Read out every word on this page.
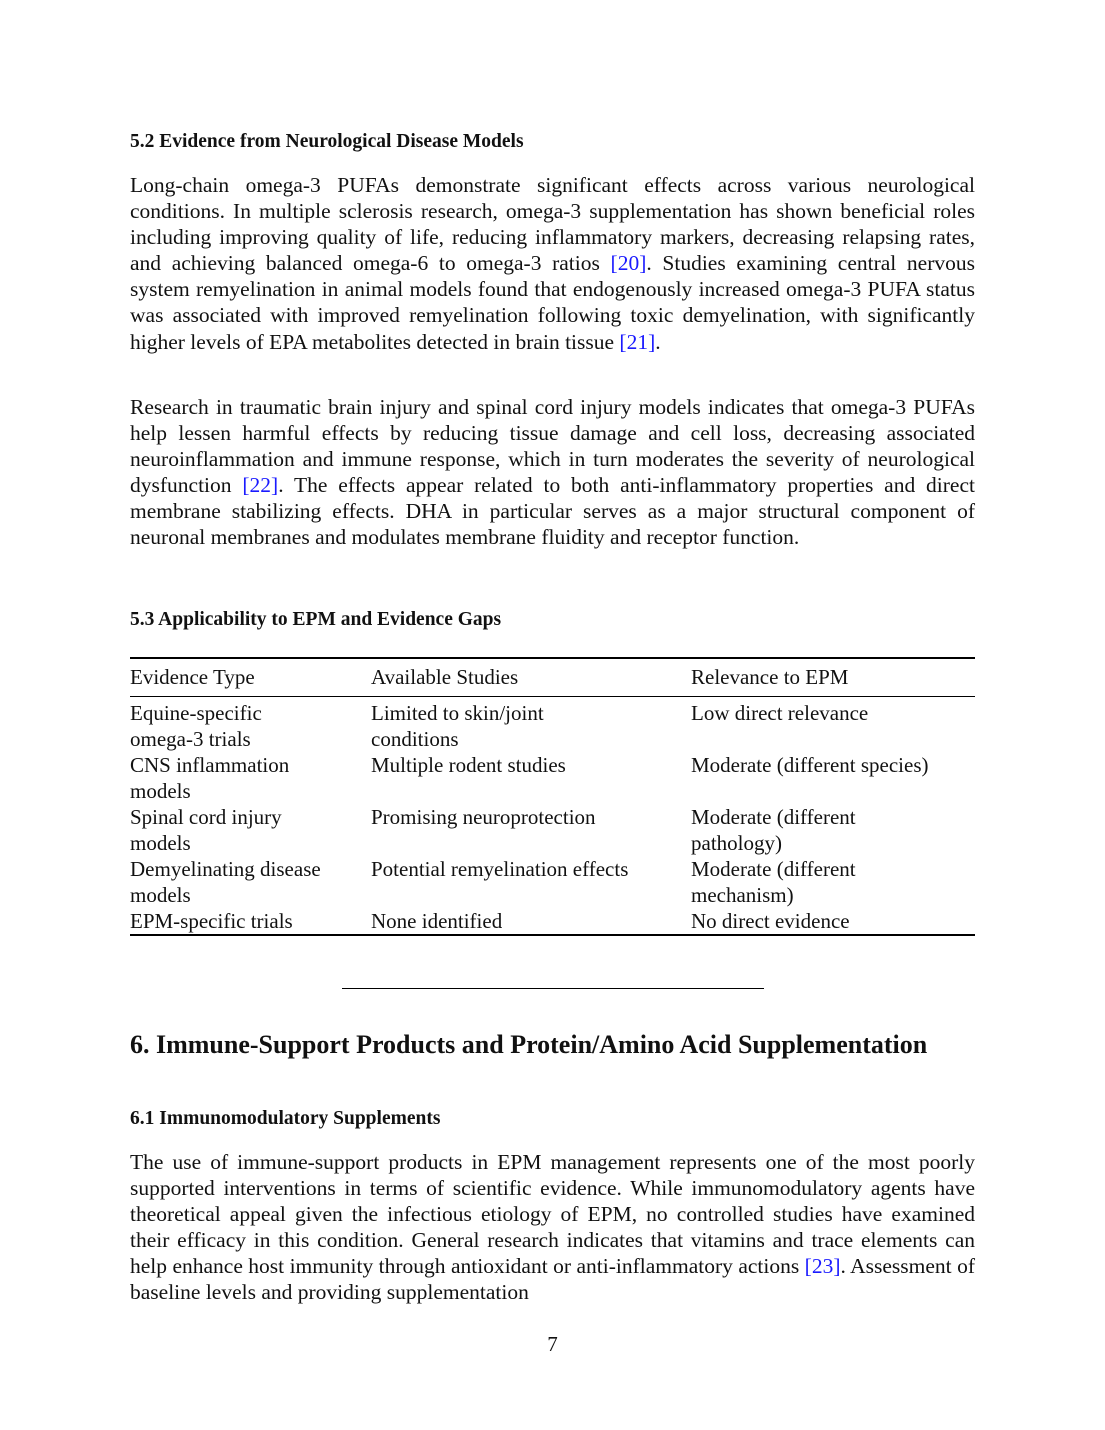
5.2 Evidence from Neurological Disease Models

Long-chain omega-3 PUFAs demonstrate significant effects across various neurological conditions. In multiple sclerosis research, omega-3 supplementation has shown beneficial roles including improving quality of life, reducing inflammatory markers, decreasing relapsing rates, and achieving balanced omega-6 to omega-3 ratios [20]. Studies examining central nervous system remyelination in animal models found that endogenously increased omega-3 PUFA status was associated with improved remyelination following toxic demyelination, with significantly higher levels of EPA metabolites detected in brain tissue [21].

Research in traumatic brain injury and spinal cord injury models indicates that omega-3 PUFAs help lessen harmful effects by reducing tissue damage and cell loss, decreasing associated neuroinflammation and immune response, which in turn moderates the severity of neurological dysfunction [22]. The effects appear related to both anti-inflammatory properties and direct membrane stabilizing effects. DHA in particular serves as a major structural component of neuronal membranes and modulates membrane fluidity and receptor function.

5.3 Applicability to EPM and Evidence Gaps
Evidence Type	Available Studies	Relevance to EPM
Equine-specific omega-3 trials	Limited to skin/joint conditions	Low direct relevance
CNS inflammation models	Multiple rodent studies	Moderate (different species)
Spinal cord injury models	Promising neuroprotection	Moderate (different pathology)
Demyelinating disease models	Potential remyelination effects	Moderate (different mechanism)
EPM-specific trials	None identified	No direct evidence
6. Immune-Support Products and Protein/Amino Acid Supplementation
6.1 Immunomodulatory Supplements

The use of immune-support products in EPM management represents one of the most poorly supported interventions in terms of scientific evidence. While immunomodulatory agents have theoretical appeal given the infectious etiology of EPM, no controlled studies have examined their efficacy in this condition. General research indicates that vitamins and trace elements can help enhance host immunity through antioxidant or anti-inflammatory actions [23]. Assessment of baseline levels and providing supplementation

7
